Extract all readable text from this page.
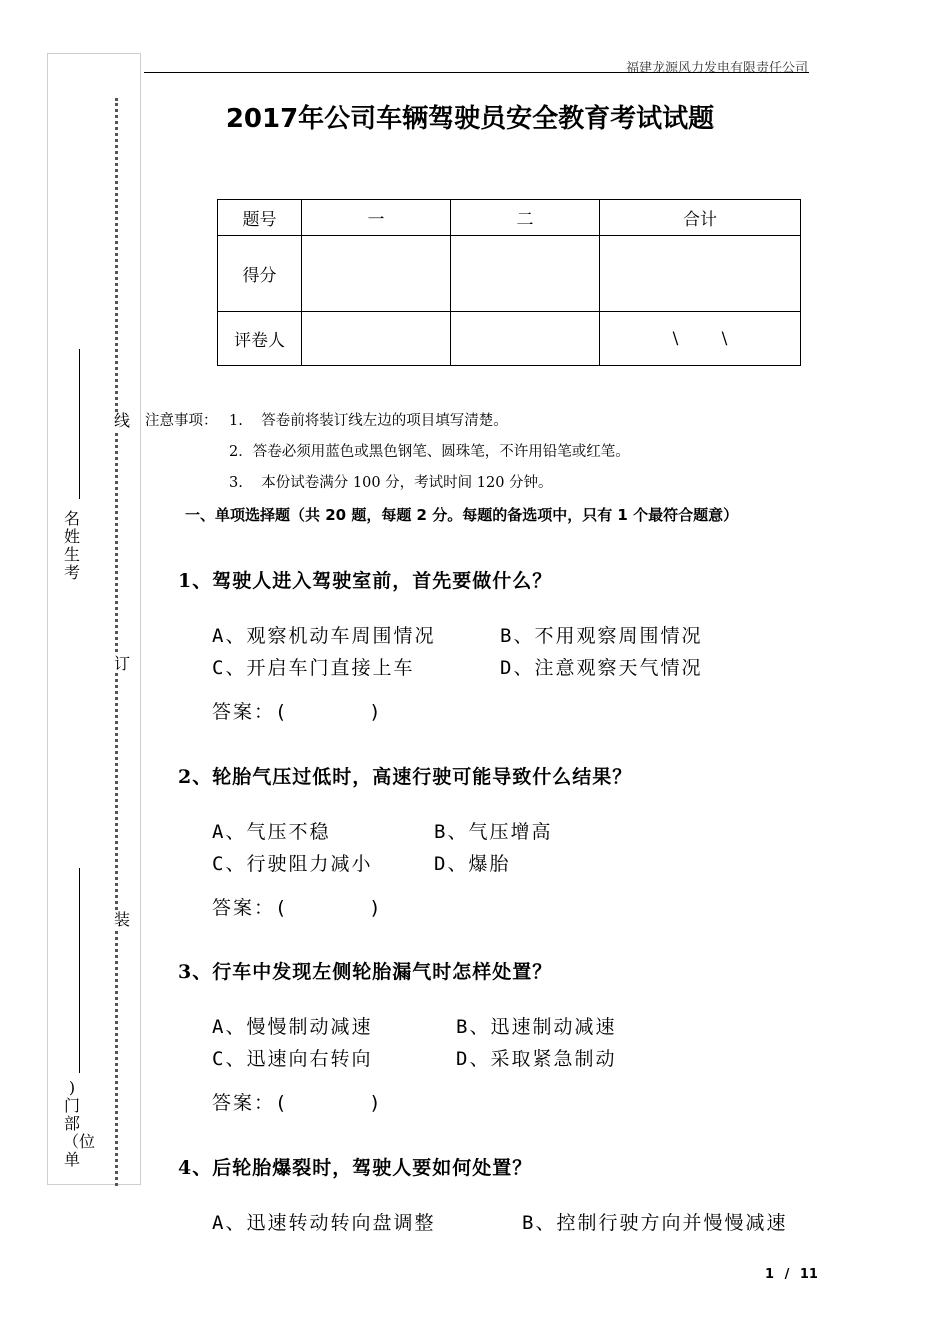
线
订
装
名姓生考
)门部（位单
福建龙源风力发电有限责任公司
2017年公司车辆驾驶员安全教育考试试题
题号	一	二	合计
得分			
评卷人			\        \
注意事项： 1.    答卷前将装订线左边的项目填写清楚。
2．答卷必须用蓝色或黑色钢笔、圆珠笔，不许用铅笔或红笔。
3.    本份试卷满分 100 分，考试时间 120 分钟。
一、单项选择题（共 20 题，每题 2 分。每题的备选项中，只有 1 个最符合题意）
1、驾驶人进入驾驶室前，首先要做什么？
A、观察机动车周围情况	B、不用观察周围情况
C、开启车门直接上车	D、注意观察天气情况
答案：(      )
2、轮胎气压过低时，高速行驶可能导致什么结果？
A、气压不稳	B、气压增高
C、行驶阻力减小	D、爆胎
答案：(      )
3、行车中发现左侧轮胎漏气时怎样处置？
A、慢慢制动减速	B、迅速制动减速
C、迅速向右转向	D、采取紧急制动
答案：(      )
4、后轮胎爆裂时，驾驶人要如何处置？
A、迅速转动转向盘调整	B、控制行驶方向并慢慢减速
1 / 11
